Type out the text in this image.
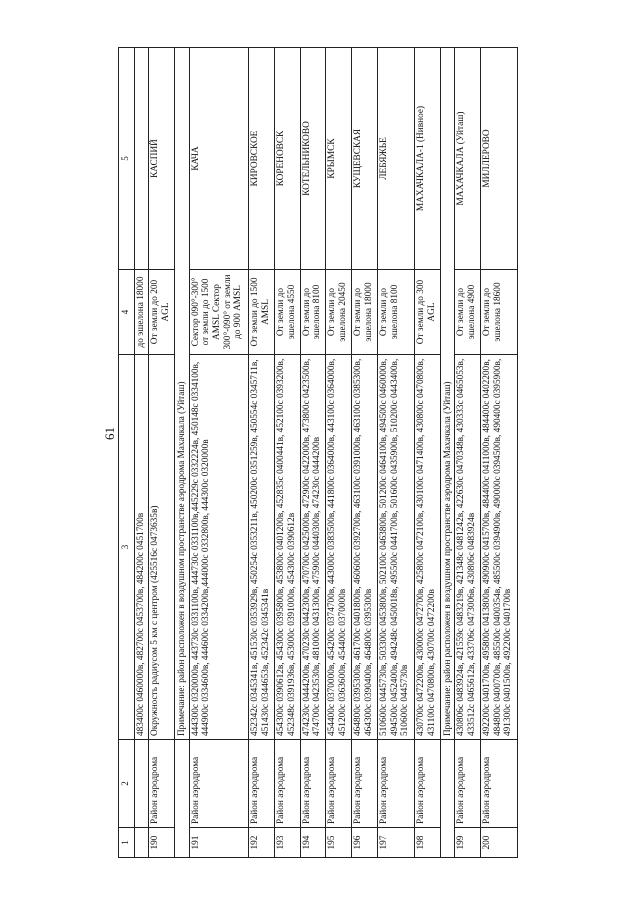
61
1	2	3	4	5
		483400с 0460000в, 482700с 0453700в, 484200с 0451700в	до эшелона 18000	
190	Район аэродрома	Окружность радиусом 5 км с центром (425516с 0473635в)	От земли до 200 AGL	КАСПИЙ
		Примечание: район расположен в воздушном пространстве аэродрома Махачкала (Уйташ)		
191	Район аэродрома	444300с 0320000в, 443730с 0331100в, 444730с 0331100в,445229с 0332224в, 450148с 0334100в, 444900с 0334600в, 444600с 0334200в,444000с 0332800в, 444300с 0320000в	Сектор 090°-300° от земли до 1500 AMSL Сектор 300°-090° от земли до 900 AMSL	КАЧА
192	Район аэродрома	452342с 0345341в, 451530с 0353929в, 450254с 0353211в, 450200с 0351259в, 450554с 0345711в, 451430с 0344653в, 452342с 0345341в	От земли до 1500 AMSL	КИРОВСКОЕ
193	Район аэродрома	454300с 0390612в, 454300с 0395800в, 453800с 0401200в, 452835с 0400441в, 452100с 0393200в, 452348с 0391936в, 453000с 0391000в, 454300с 0390612в	От земли до эшелона 4550	КОРЕНОВСК
194	Район аэродрома	474230с 0444200в, 470230с 0442300в, 470700с 0425000в, 472900с 0422000в, 473800с 0423500в, 474700с 0423530в, 481000с 0431300в, 475900с 0440300в, 474230с 0444200в	От земли до эшелона 8100	КОТЕЛЬНИКОВО
195	Район аэродрома	454400с 0370000в, 454200с 0374700в, 443000с 0383500в, 441800с 0364000в, 443100с 0364000в, 451200с 0363600в, 454400с 0370000в	От земли до эшелона 20450	КРЫМСК
196	Район аэродрома	464800с 0395300в, 461700с 0401800в, 460600с 0392700в, 463100с 0391000в, 463100с 0385300в, 464300с 0390400в, 464800с 0395300в	От земли до эшелона 18000	КУЩЕВСКАЯ
197	Район аэродрома	510600с 0445730в, 503300с 0453800в, 502100с 0463800в, 501200с 0464100в, 494500с 0460000в, 494500с 0452400в, 494248с 0450018в, 495500с 0441700в, 501600с 0435900в, 510200с 0443400в, 510600с 0445730в	От земли до эшелона 8100	ЛЕБЯЖЬЕ
198	Район аэродрома	430700с 0472200в, 430000с 0472700в, 425800с 0472100в, 430100с 0471400в, 430800с 0470800в, 431100с 0470800в, 430700с 0472200в	От земли до 300 AGL	МАХАЧКАЛА-1 (Нивное)
		Примечание: район расположен в воздушном пространстве аэродрома Махачкала (Уйташ)		
199	Район аэродрома	430806с 0483924в, 421559с 0483219в, 421348с 0481242в, 422630с 0470348в, 430333с 0465053в, 433512с 0465612в, 433706с 0473006в, 430806с 0483924в	От земли до эшелона 4900	МАХАЧКАЛА (Уйташ)
200	Район аэродрома	492200с 0401700в, 495800с 0413800в, 490900с 0415700в, 484400с 0411000в, 484400с 0402200в, 484800с 0400700в, 485500с 0400354в, 485500с 0394900в, 490000с 0394500в, 490400с 0395900в, 491300с 0401500в, 492200с 0401700в	От земли до эшелона 18600	МИЛЛЕРОВО
